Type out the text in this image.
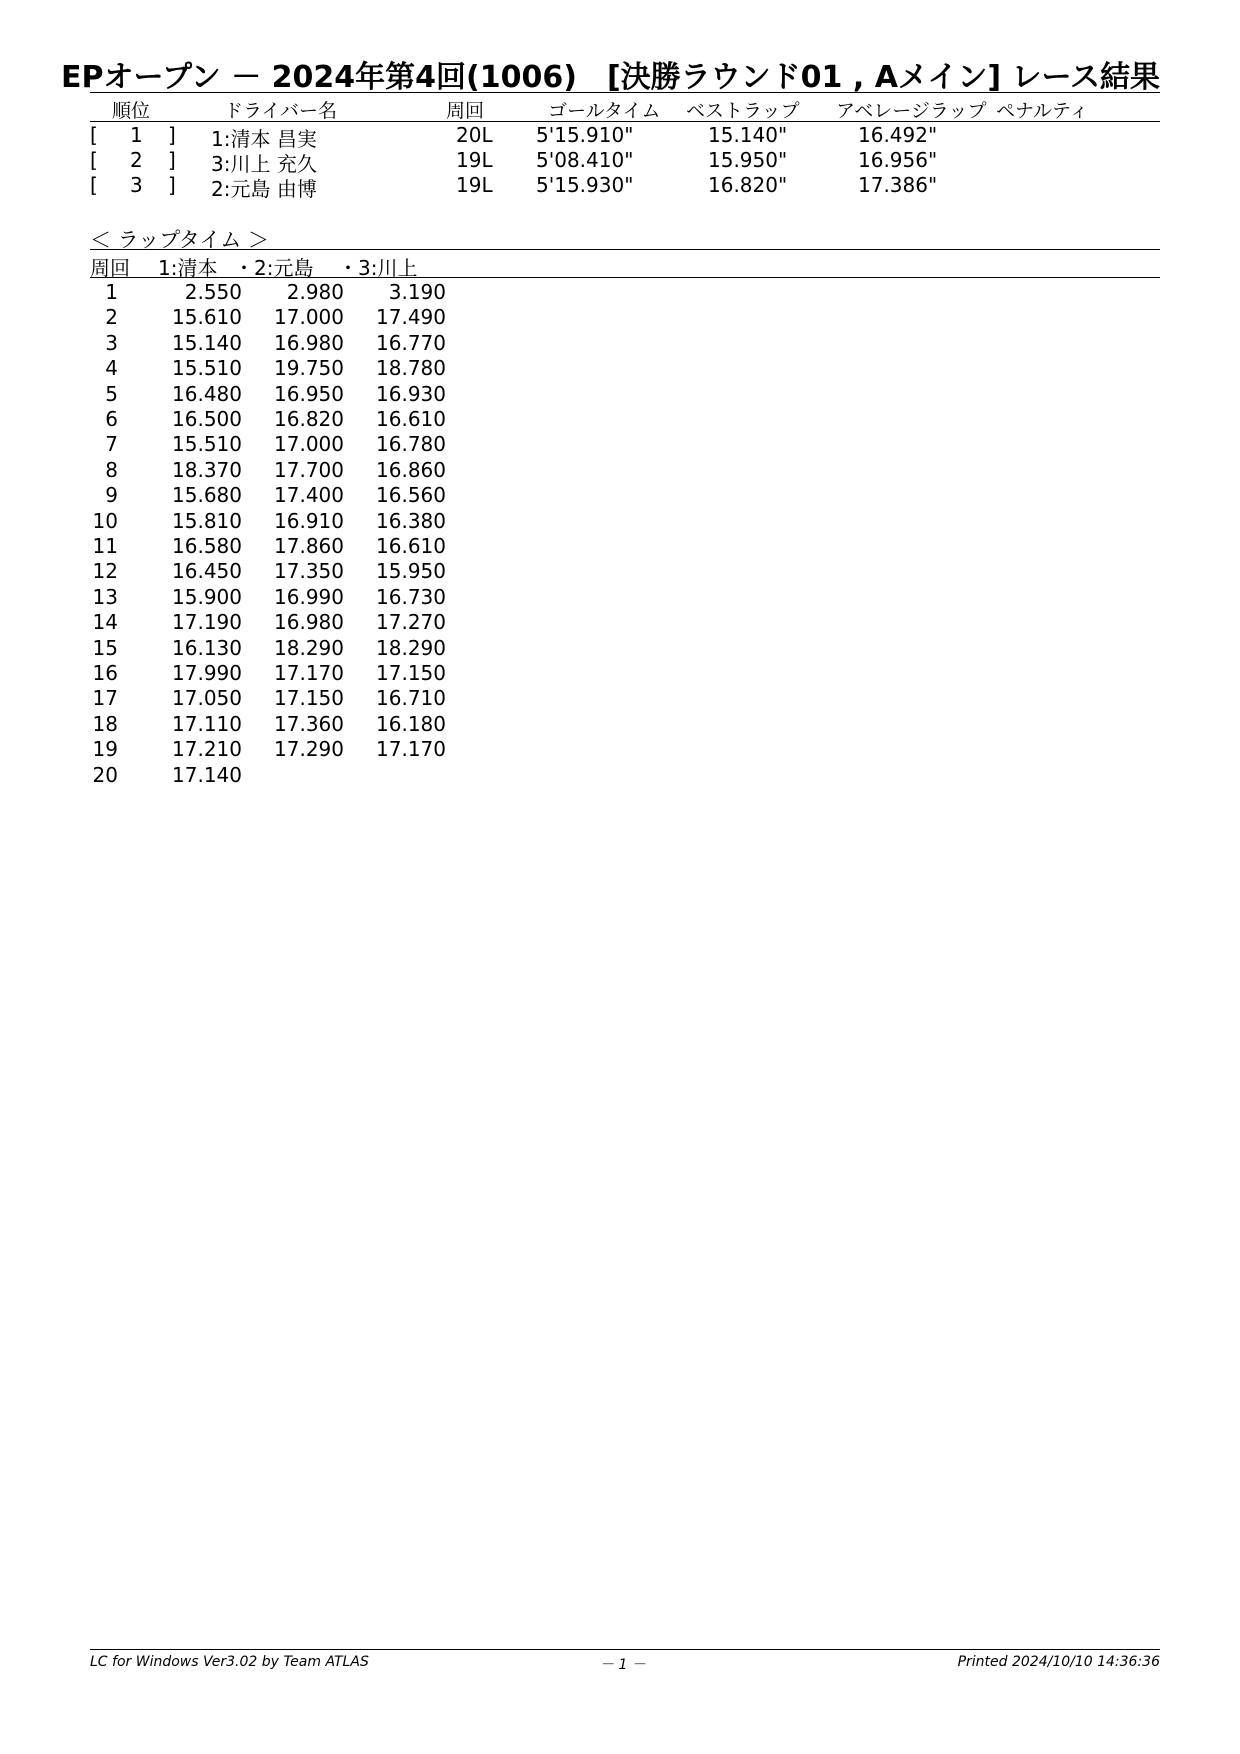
EPオープン － 2024年第4回(1006)　[決勝ラウンド01 , Aメイン] レース結果
順位	ドライバー名	周回	ゴールタイム ベストラップ アベレージラップ ペナルティ
[ 1 ] 1:清本 昌実	20L 5'15.910"	15.140"	16.492"
[ 2 ] 3:川上 充久	19L 5'08.410"	15.950"	16.956"
[ 3 ] 2:元島 由博	19L 5'15.930"	16.820"	17.386"
＜ ラップタイム ＞
周回 1:清本 ・2:元島 ・3:川上
1	2.550 2.980 3.190
2	15.610 17.000 17.490
3	15.140 16.980 16.770
4	15.510 19.750 18.780
5	16.480 16.950 16.930
6	16.500 16.820 16.610
7	15.510 17.000 16.780
8	18.370 17.700 16.860
9	15.680 17.400 16.560
10	15.810 16.910 16.380
11	16.580 17.860 16.610
12	16.450 17.350 15.950
13	15.900 16.990 16.730
14	17.190 16.980 17.270
15	16.130 18.290 18.290
16	17.990 17.170 17.150
17	17.050 17.150 16.710
18	17.110 17.360 16.180
19	17.210 17.290 17.170
20	17.140
LC for Windows Ver3.02 by Team ATLAS	－ 1 －	Printed 2024/10/10 14:36:36
